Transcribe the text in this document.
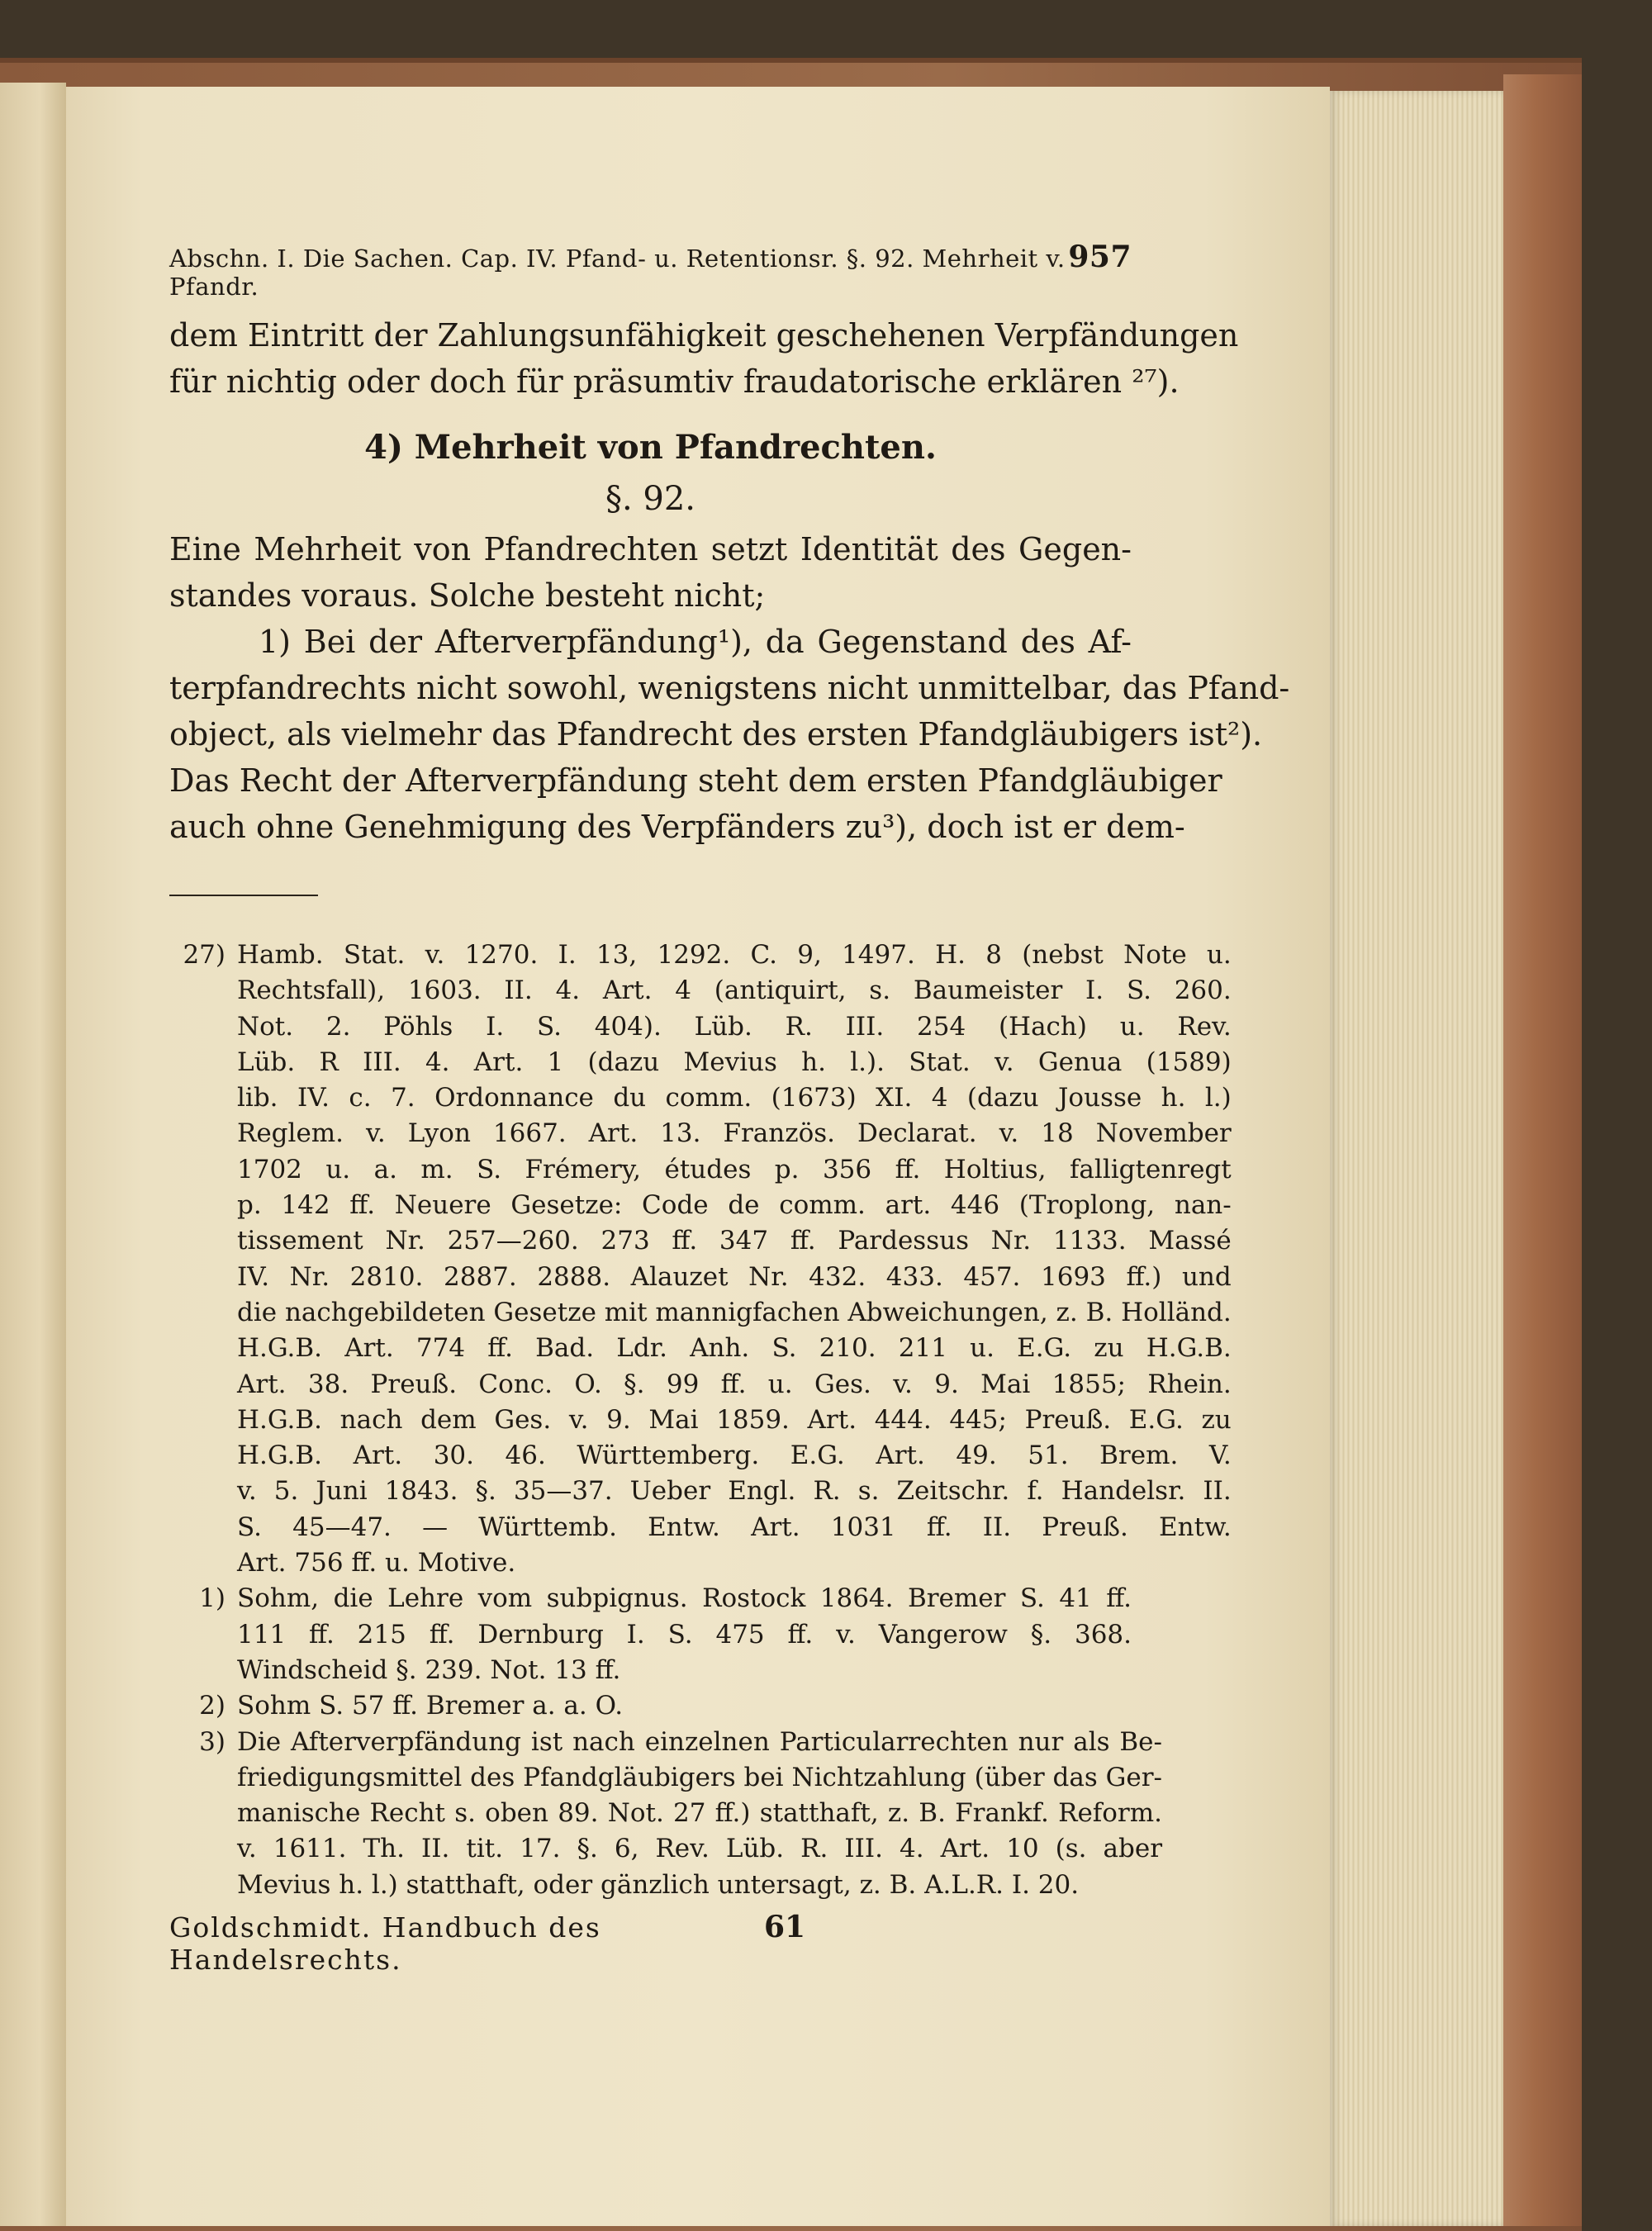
Abschn. I. Die Sachen. Cap. IV. Pfand- u. Retentionsr. §. 92. Mehrheit v. Pfandr.
957
dem Eintritt der Zahlungsunfähigkeit geschehenen Verpfändungen
für nichtig oder doch für präsumtiv fraudatorische erklären ²⁷).
4) Mehrheit von Pfandrechten.
§. 92.
Eine Mehrheit von Pfandrechten setzt Identität des Gegen-
standes voraus. Solche besteht nicht;
1) Bei der Afterverpfändung¹), da Gegenstand des Af-
terpfandrechts nicht sowohl, wenigstens nicht unmittelbar, das Pfand-
object, als vielmehr das Pfandrecht des ersten Pfandgläubigers ist²).
Das Recht der Afterverpfändung steht dem ersten Pfandgläubiger
auch ohne Genehmigung des Verpfänders zu³), doch ist er dem-
27) Hamb. Stat. v. 1270. I. 13, 1292. C. 9, 1497. H. 8 (nebst Note u.
Rechtsfall), 1603. II. 4. Art. 4 (antiquirt, s. Baumeister I. S. 260.
Not. 2. Pöhls I. S. 404). Lüb. R. III. 254 (Hach) u. Rev.
Lüb. R III. 4. Art. 1 (dazu Mevius h. l.). Stat. v. Genua (1589)
lib. IV. c. 7. Ordonnance du comm. (1673) XI. 4 (dazu Jousse h. l.)
Reglem. v. Lyon 1667. Art. 13. Französ. Declarat. v. 18 November
1702 u. a. m. S. Frémery, études p. 356 ff. Holtius, falligtenregt
p. 142 ff. Neuere Gesetze: Code de comm. art. 446 (Troplong, nan-
tissement Nr. 257—260. 273 ff. 347 ff. Pardessus Nr. 1133. Massé
IV. Nr. 2810. 2887. 2888. Alauzet Nr. 432. 433. 457. 1693 ff.) und
die nachgebildeten Gesetze mit mannigfachen Abweichungen, z. B. Holländ.
H.G.B. Art. 774 ff. Bad. Ldr. Anh. S. 210. 211 u. E.G. zu H.G.B.
Art. 38. Preuß. Conc. O. §. 99 ff. u. Ges. v. 9. Mai 1855; Rhein.
H.G.B. nach dem Ges. v. 9. Mai 1859. Art. 444. 445; Preuß. E.G. zu
H.G.B. Art. 30. 46. Württemberg. E.G. Art. 49. 51. Brem. V.
v. 5. Juni 1843. §. 35—37. Ueber Engl. R. s. Zeitschr. f. Handelsr. II.
S. 45—47. — Württemb. Entw. Art. 1031 ff. II. Preuß. Entw.
Art. 756 ff. u. Motive.
1) Sohm, die Lehre vom subpignus. Rostock 1864. Bremer S. 41 ff.
111 ff. 215 ff. Dernburg I. S. 475 ff. v. Vangerow §. 368.
Windscheid §. 239. Not. 13 ff.
2) Sohm S. 57 ff. Bremer a. a. O.
3) Die Afterverpfändung ist nach einzelnen Particularrechten nur als Be-
friedigungsmittel des Pfandgläubigers bei Nichtzahlung (über das Ger-
manische Recht s. oben 89. Not. 27 ff.) statthaft, z. B. Frankf. Reform.
v. 1611. Th. II. tit. 17. §. 6, Rev. Lüb. R. III. 4. Art. 10 (s. aber
Mevius h. l.) statthaft, oder gänzlich untersagt, z. B. A.L.R. I. 20.
Goldschmidt. Handbuch des Handelsrechts.
61
